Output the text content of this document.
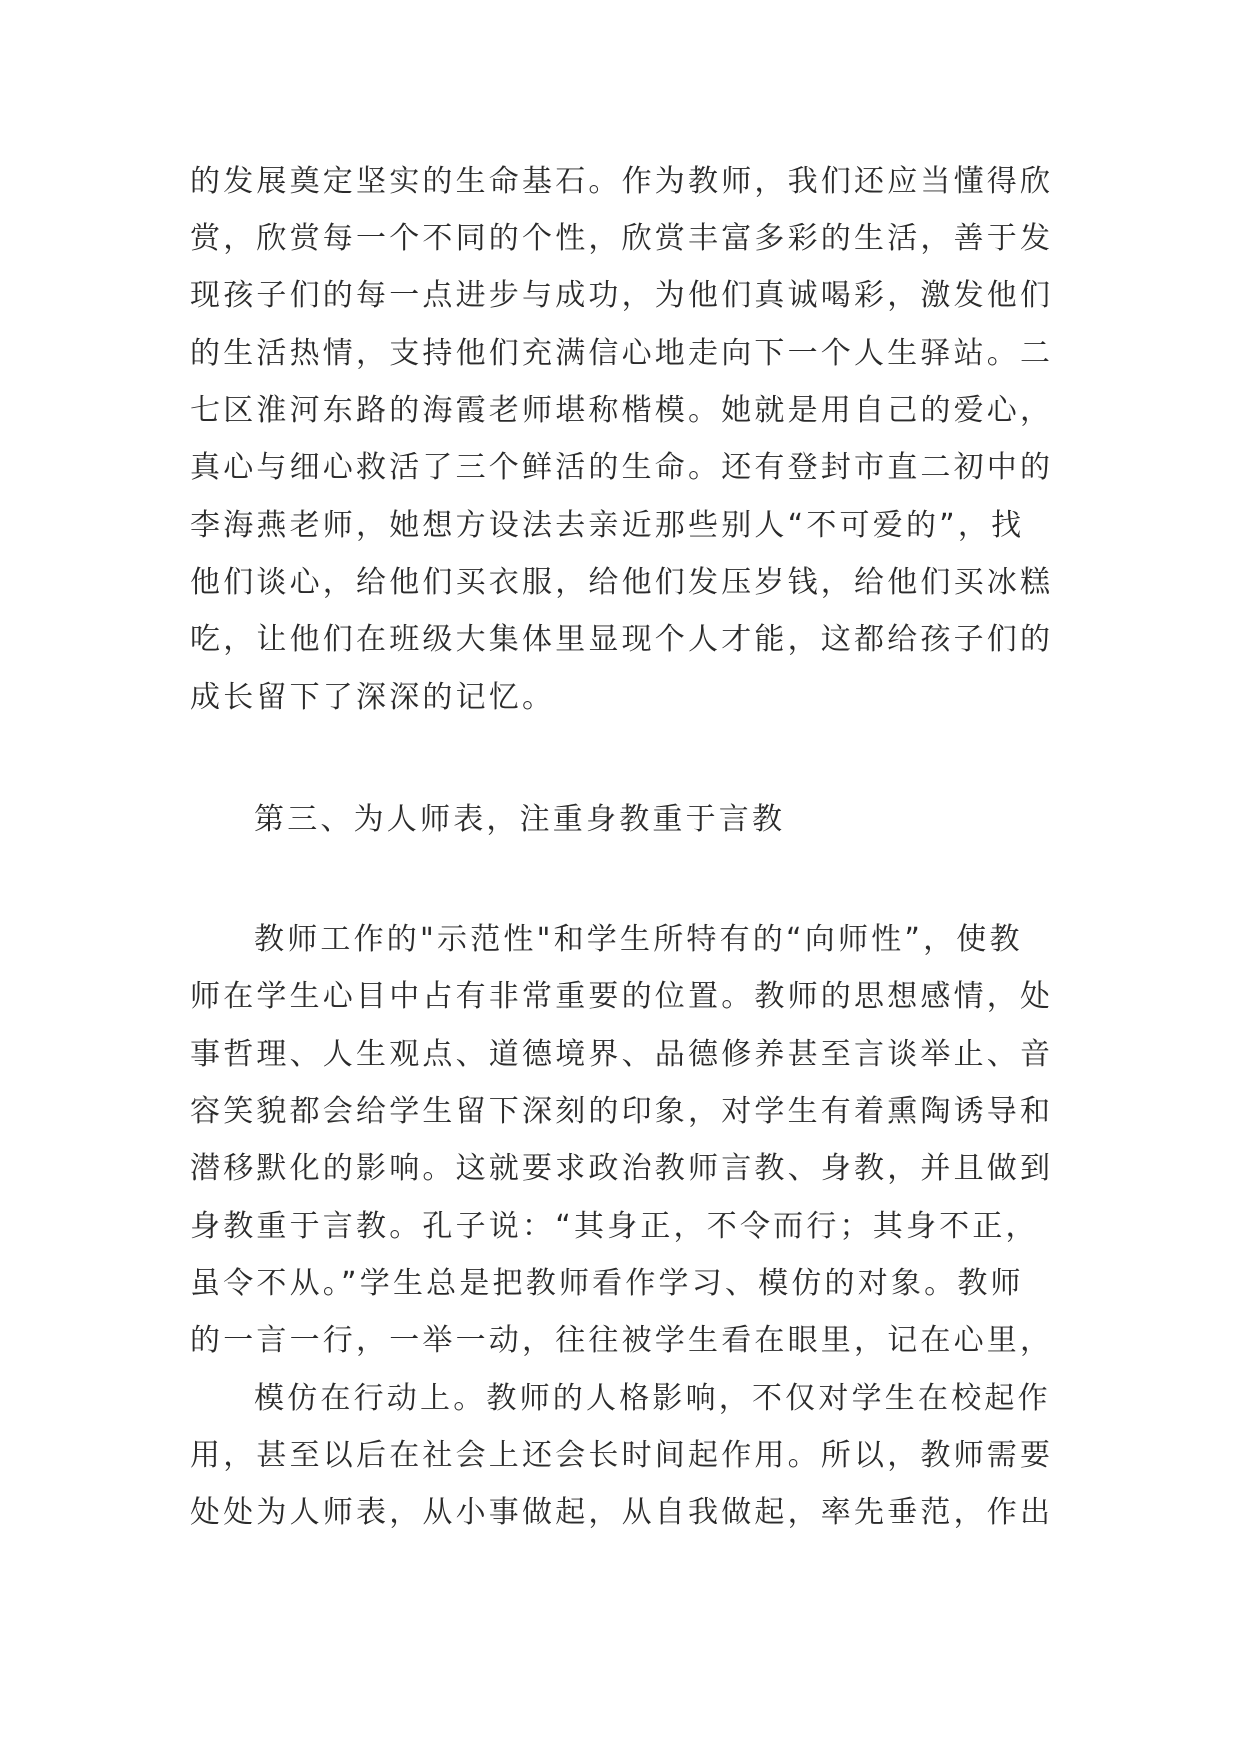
的发展奠定坚实的生命基石。作为教师，我们还应当懂得欣
赏，欣赏每一个不同的个性，欣赏丰富多彩的生活，善于发
现孩子们的每一点进步与成功，为他们真诚喝彩，激发他们
的生活热情，支持他们充满信心地走向下一个人生驿站。二
七区淮河东路的海霞老师堪称楷模。她就是用自己的爱心，
真心与细心救活了三个鲜活的生命。还有登封市直二初中的
李海燕老师，她想方设法去亲近那些别人“不可爱的”，找
他们谈心，给他们买衣服，给他们发压岁钱，给他们买冰糕
吃，让他们在班级大集体里显现个人才能，这都给孩子们的
成长留下了深深的记忆。
第三、为人师表，注重身教重于言教
教师工作的"示范性"和学生所特有的“向师性”，使教
师在学生心目中占有非常重要的位置。教师的思想感情，处
事哲理、人生观点、道德境界、品德修养甚至言谈举止、音
容笑貌都会给学生留下深刻的印象，对学生有着熏陶诱导和
潜移默化的影响。这就要求政治教师言教、身教，并且做到
身教重于言教。孔子说：“其身正，不令而行；其身不正，
虽令不从。”学生总是把教师看作学习、模仿的对象。教师
的一言一行，一举一动，往往被学生看在眼里，记在心里，
模仿在行动上。教师的人格影响，不仅对学生在校起作
用，甚至以后在社会上还会长时间起作用。所以，教师需要
处处为人师表，从小事做起，从自我做起，率先垂范，作出
